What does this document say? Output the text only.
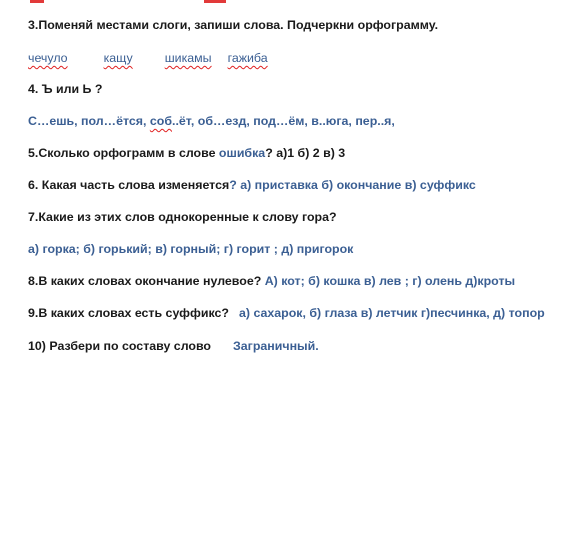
3.Поменяй местами слоги, запиши слова. Подчеркни орфограмму.
чечуло	кащу	шикамы гажиба
4. Ъ или Ь ?
С…ешь, пол…ётся, соб..ёт, об…езд, под…ём, в..юга, пер..я,
5.Сколько орфограмм в слове ошибка? а)1 б) 2 в) 3
6. Какая часть слова изменяется? а) приставка б) окончание в) суффикс
7.Какие из этих слов однокоренные к слову гора?
а) горка; б) горький; в) горный; г) горит ; д) пригорок
8.В каких словах окончание нулевое? А) кот; б) кошка в) лев ; г) олень д)кроты
9.В каких словах есть суффикс? а) сахарок, б) глаза в) летчик г)песчинка, д) топор
10) Разбери по составу слово Заграничный.
